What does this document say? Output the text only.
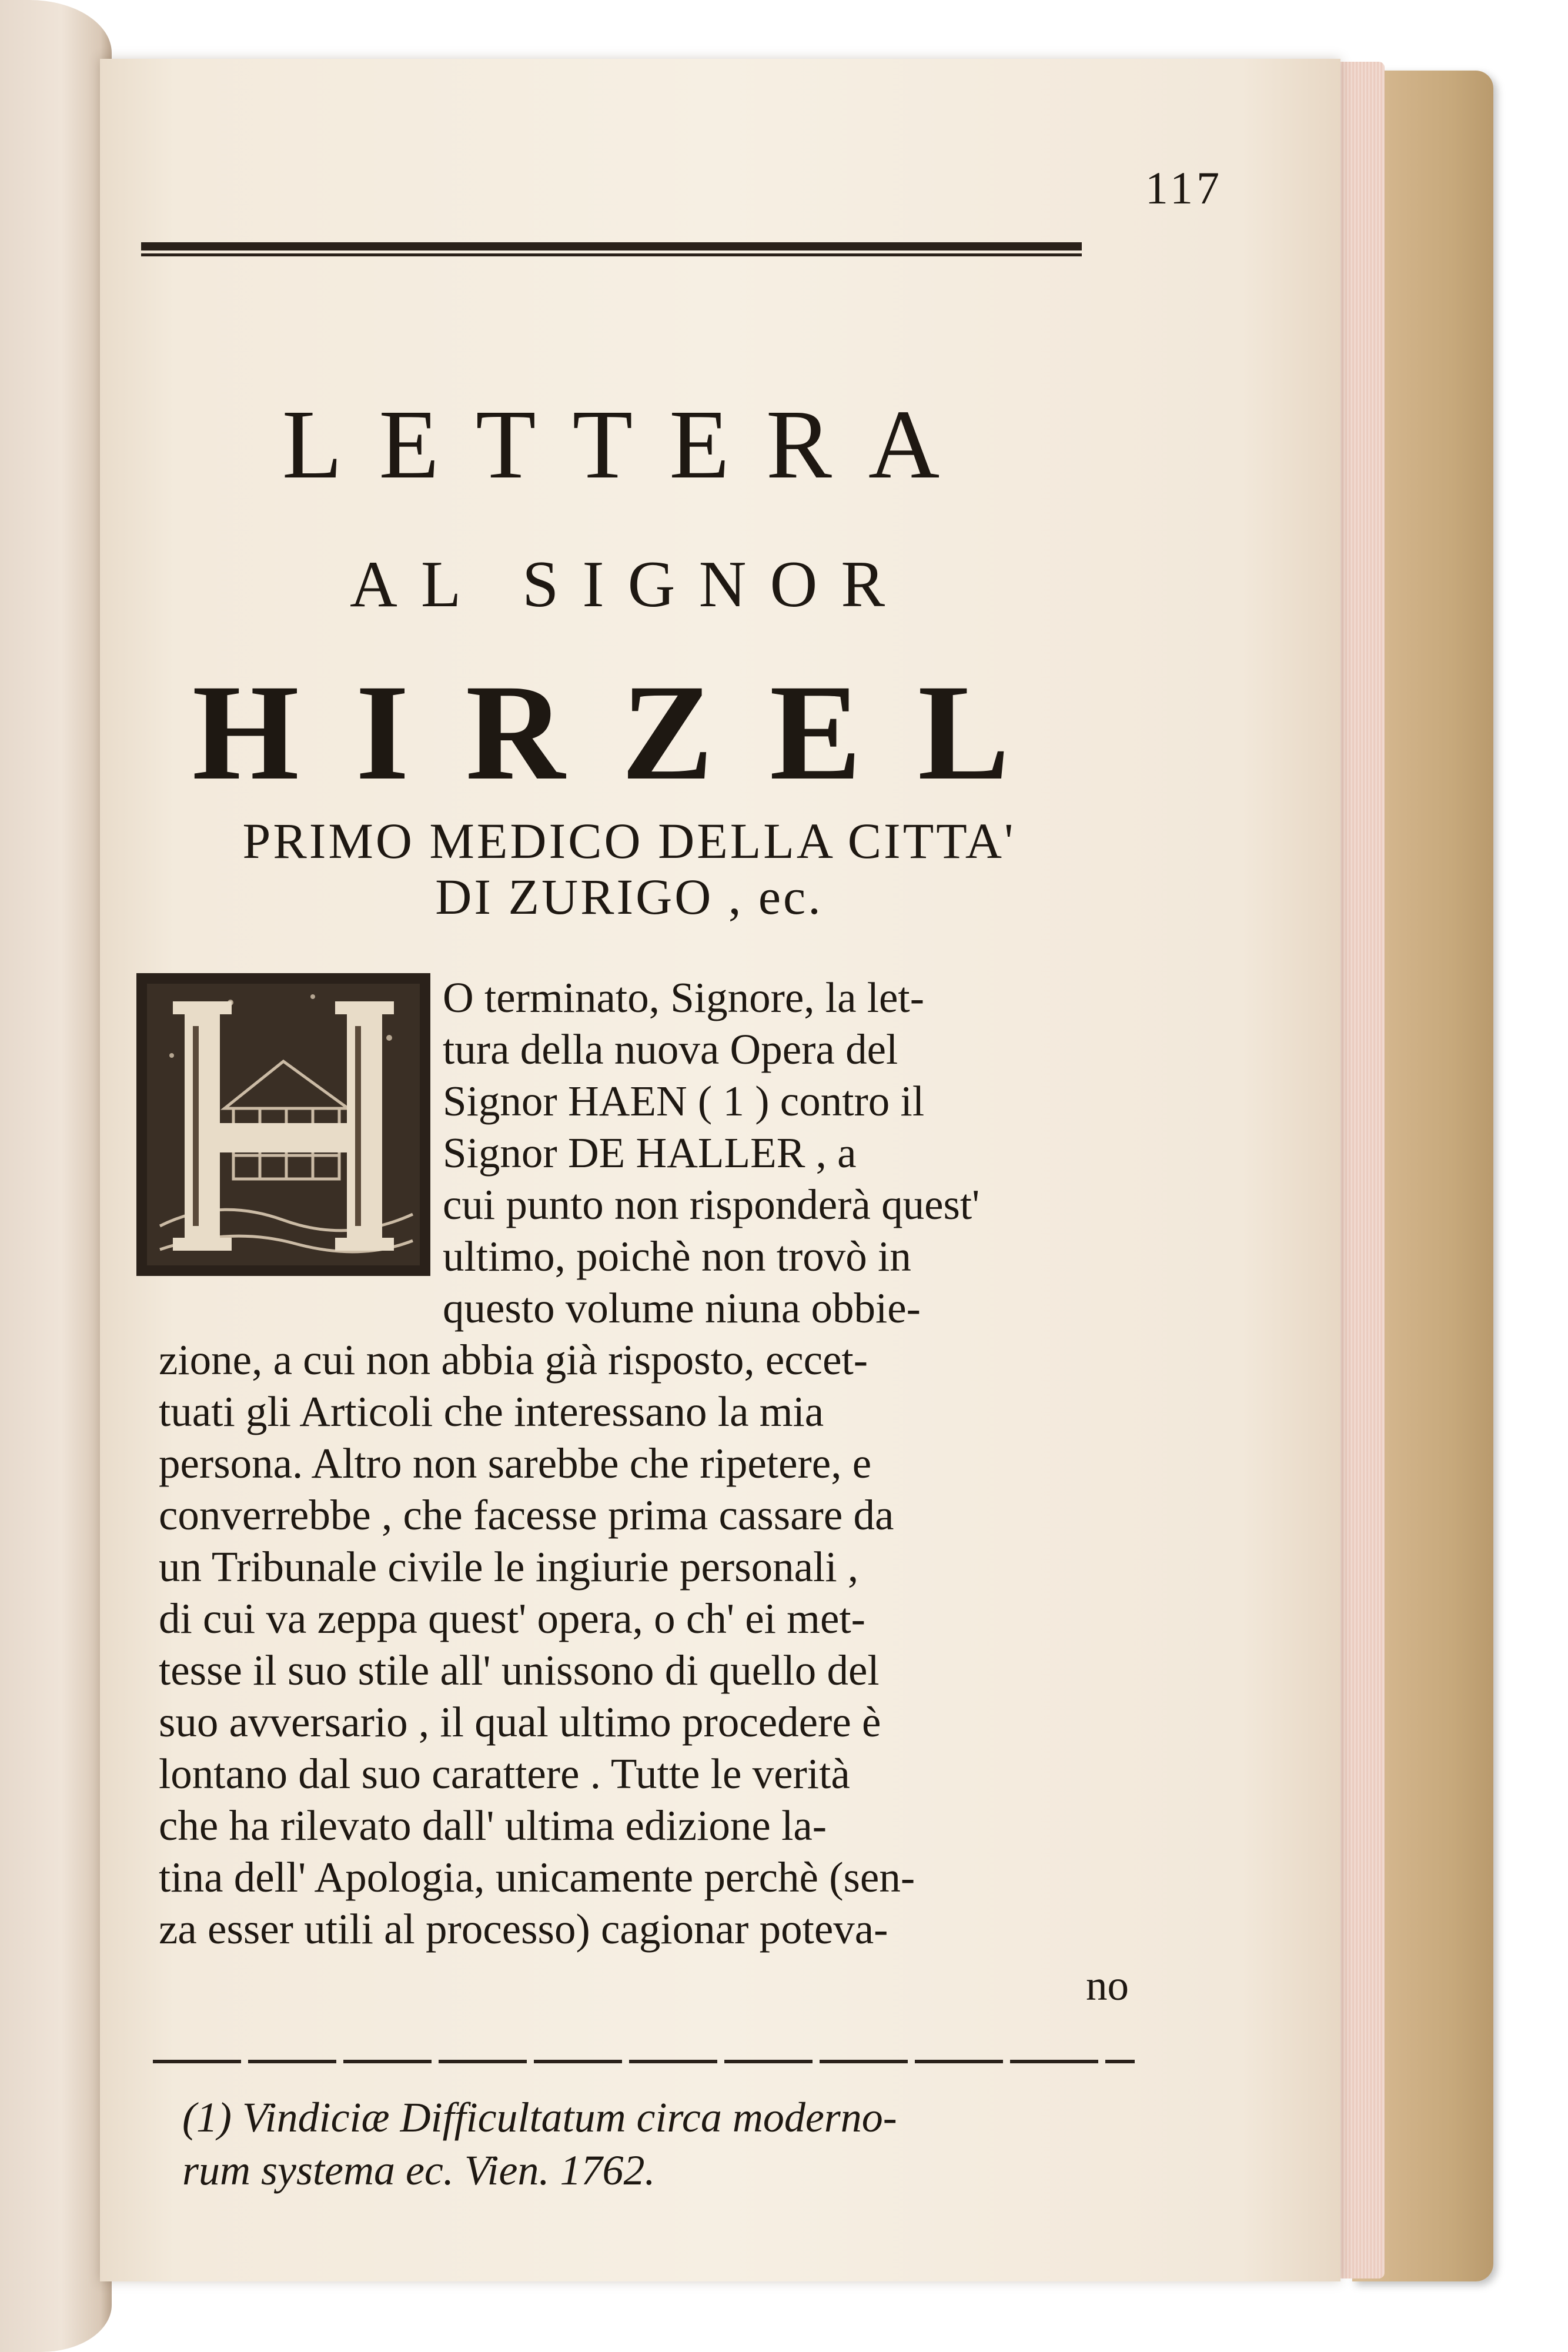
117
LETTERA
AL SIGNOR
HIRZEL
PRIMO MEDICO DELLA CITTA'
DI ZURIGO , ec.
O terminato, Signore, la let-
tura della nuova Opera del
Signor HAEN ( 1 ) contro il
Signor DE HALLER , a
cui punto non risponderà quest'
ultimo, poichè non trovò in
questo volume niuna obbie-
zione, a cui non abbia già risposto, eccet-
tuati gli Articoli che interessano la mia
persona. Altro non sarebbe che ripetere, e
converrebbe , che facesse prima cassare da
un Tribunale civile le ingiurie personali ,
di cui va zeppa quest' opera, o ch' ei met-
tesse il suo stile all' unissono di quello del
suo avversario , il qual ultimo procedere è
lontano dal suo carattere . Tutte le verità
che ha rilevato dall' ultima edizione la-
tina dell' Apologia, unicamente perchè (sen-
za esser utili al processo) cagionar poteva-
no
(1) Vindiciæ Difficultatum circa moderno-
rum systema ec. Vien. 1762.
